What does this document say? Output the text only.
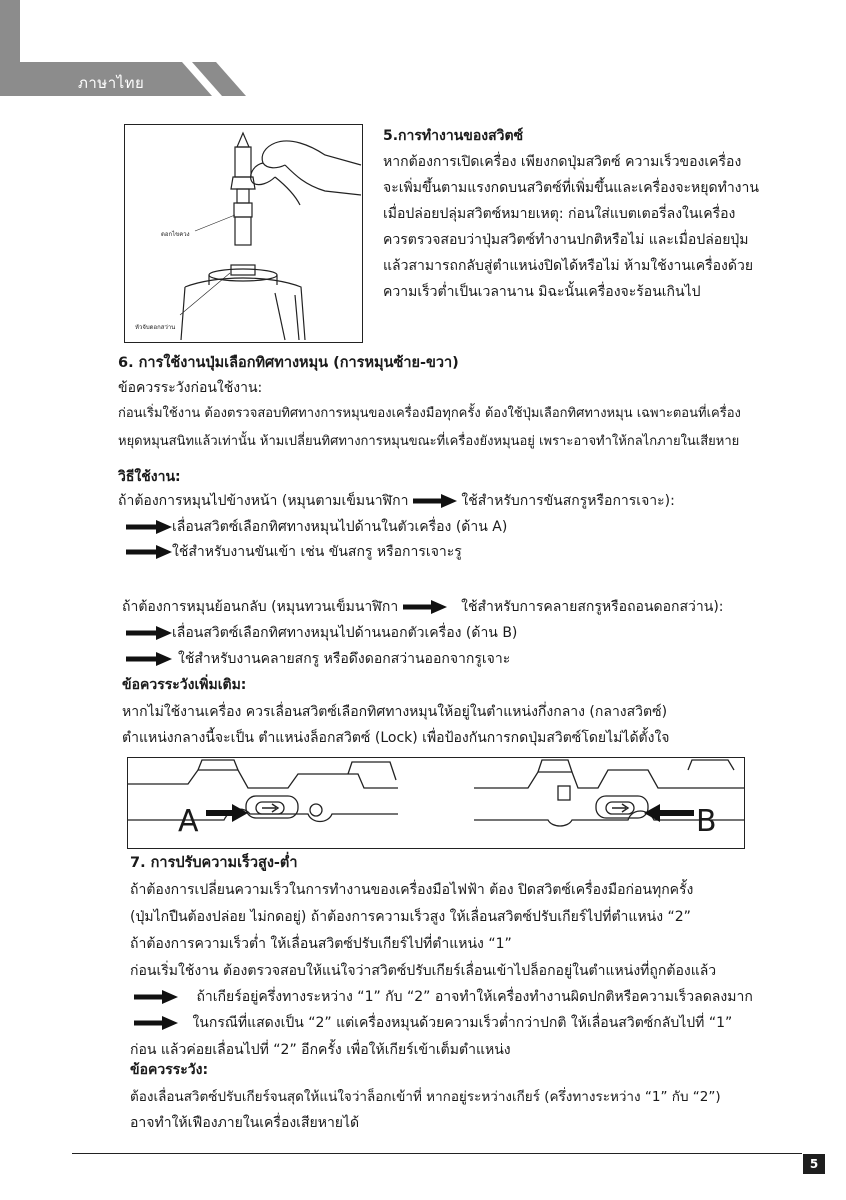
ภาษาไทย
ดอกไขควง
หัวจับดอกสว่าน
5.การทำงานของสวิตซ์
หากต้องการเปิดเครื่อง เพียงกดปุ่มสวิตซ์ ความเร็วของเครื่อง
จะเพิ่มขึ้นตามแรงกดบนสวิตซ์ที่เพิ่มขึ้นและเครื่องจะหยุดทำงาน
เมื่อปล่อยปลุ่มสวิตซ์หมายเหตุ: ก่อนใส่แบตเตอรี่ลงในเครื่อง
ควรตรวจสอบว่าปุ่มสวิตซ์ทำงานปกติหรือไม่ และเมื่อปล่อยปุ่ม
แล้วสามารถกลับสู่ตำแหน่งปิดได้หรือไม่ ห้ามใช้งานเครื่องด้วย
ความเร็วต่ำเป็นเวลานาน มิฉะนั้นเครื่องจะร้อนเกินไป
6. การใช้งานปุ่มเลือกทิศทางหมุน (การหมุนซ้าย-ขวา)
ข้อควรระวังก่อนใช้งาน:
ก่อนเริ่มใช้งาน ต้องตรวจสอบทิศทางการหมุนของเครื่องมือทุกครั้ง ต้องใช้ปุ่มเลือกทิศทางหมุน เฉพาะตอนที่เครื่อง
หยุดหมุนสนิทแล้วเท่านั้น ห้ามเปลี่ยนทิศทางการหมุนขณะที่เครื่องยังหมุนอยู่ เพราะอาจทำให้กลไกภายในเสียหาย
วิธีใช้งาน:
ถ้าต้องการหมุนไปข้างหน้า (หมุนตามเข็มนาฬิกา	ใช้สำหรับการขันสกรูหรือการเจาะ):
เลื่อนสวิตซ์เลือกทิศทางหมุนไปด้านในตัวเครื่อง (ด้าน A)
ใช้สำหรับงานขันเข้า เช่น ขันสกรู หรือการเจาะรู
ถ้าต้องการหมุนย้อนกลับ (หมุนทวนเข็มนาฬิกา	ใช้สำหรับการคลายสกรูหรือถอนดอกสว่าน):
เลื่อนสวิตซ์เลือกทิศทางหมุนไปด้านนอกตัวเครื่อง (ด้าน B)
ใช้สำหรับงานคลายสกรู หรือดึงดอกสว่านออกจากรูเจาะ
ข้อควรระวังเพิ่มเติม:
หากไม่ใช้งานเครื่อง ควรเลื่อนสวิตซ์เลือกทิศทางหมุนให้อยู่ในตำแหน่งกึ่งกลาง (กลางสวิตซ์)
ตำแหน่งกลางนี้จะเป็น ตำแหน่งล็อกสวิตซ์ (Lock) เพื่อป้องกันการกดปุ่มสวิตซ์โดยไม่ได้ตั้งใจ
A	B
7. การปรับความเร็วสูง-ต่ำ
ถ้าต้องการเปลี่ยนความเร็วในการทำงานของเครื่องมือไฟฟ้า ต้อง ปิดสวิตซ์เครื่องมือก่อนทุกครั้ง
(ปุ่มไกปืนต้องปล่อย ไม่กดอยู่) ถ้าต้องการความเร็วสูง ให้เลื่อนสวิตซ์ปรับเกียร์ไปที่ตำแหน่ง “2”
ถ้าต้องการความเร็วต่ำ ให้เลื่อนสวิตซ์ปรับเกียร์ไปที่ตำแหน่ง “1”
ก่อนเริ่มใช้งาน ต้องตรวจสอบให้แน่ใจว่าสวิตซ์ปรับเกียร์เลื่อนเข้าไปล็อกอยู่ในตำแหน่งที่ถูกต้องแล้ว
ถ้าเกียร์อยู่ครึ่งทางระหว่าง “1” กับ “2” อาจทำให้เครื่องทำงานผิดปกติหรือความเร็วลดลงมาก
ในกรณีที่แสดงเป็น “2” แต่เครื่องหมุนด้วยความเร็วต่ำกว่าปกติ ให้เลื่อนสวิตซ์กลับไปที่ “1”
ก่อน แล้วค่อยเลื่อนไปที่ “2” อีกครั้ง เพื่อให้เกียร์เข้าเต็มตำแหน่ง
ข้อควรระวัง:
ต้องเลื่อนสวิตซ์ปรับเกียร์จนสุดให้แน่ใจว่าล็อกเข้าที่ หากอยู่ระหว่างเกียร์ (ครึ่งทางระหว่าง “1” กับ “2”)
อาจทำให้เฟืองภายในเครื่องเสียหายได้
5
